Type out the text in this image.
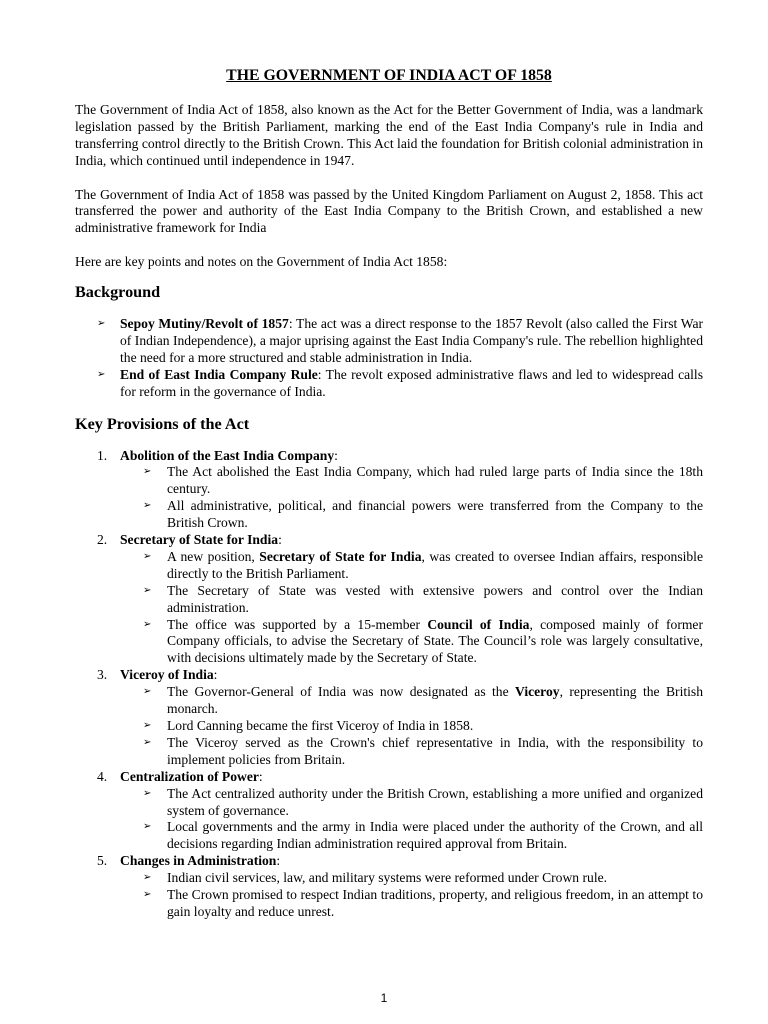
THE GOVERNMENT OF INDIA ACT OF 1858

The Government of India Act of 1858, also known as the Act for the Better Government of India, was a landmark legislation passed by the British Parliament, marking the end of the East India Company's rule in India and transferring control directly to the British Crown. This Act laid the foundation for British colonial administration in India, which continued until independence in 1947.

The Government of India Act of 1858 was passed by the United Kingdom Parliament on August 2, 1858. This act transferred the power and authority of the East India Company to the British Crown, and established a new administrative framework for India

Here are key points and notes on the Government of India Act 1858:

Background
➢ Sepoy Mutiny/Revolt of 1857: The act was a direct response to the 1857 Revolt (also called the First War of Indian Independence), a major uprising against the East India Company's rule. The rebellion highlighted the need for a more structured and stable administration in India.
➢ End of East India Company Rule: The revolt exposed administrative flaws and led to widespread calls for reform in the governance of India.
Key Provisions of the Act
1. Abolition of the East India Company:
➢ The Act abolished the East India Company, which had ruled large parts of India since the 18th century.
➢ All administrative, political, and financial powers were transferred from the Company to the British Crown.
2. Secretary of State for India:
➢ A new position, Secretary of State for India, was created to oversee Indian affairs, responsible directly to the British Parliament.
➢ The Secretary of State was vested with extensive powers and control over the Indian administration.
➢ The office was supported by a 15-member Council of India, composed mainly of former Company officials, to advise the Secretary of State. The Council’s role was largely consultative, with decisions ultimately made by the Secretary of State.
3. Viceroy of India:
➢ The Governor-General of India was now designated as the Viceroy, representing the British monarch.
➢ Lord Canning became the first Viceroy of India in 1858.
➢ The Viceroy served as the Crown's chief representative in India, with the responsibility to implement policies from Britain.
4. Centralization of Power:
➢ The Act centralized authority under the British Crown, establishing a more unified and organized system of governance.
➢ Local governments and the army in India were placed under the authority of the Crown, and all decisions regarding Indian administration required approval from Britain.
5. Changes in Administration:
➢ Indian civil services, law, and military systems were reformed under Crown rule.
➢ The Crown promised to respect Indian traditions, property, and religious freedom, in an attempt to gain loyalty and reduce unrest.
1
